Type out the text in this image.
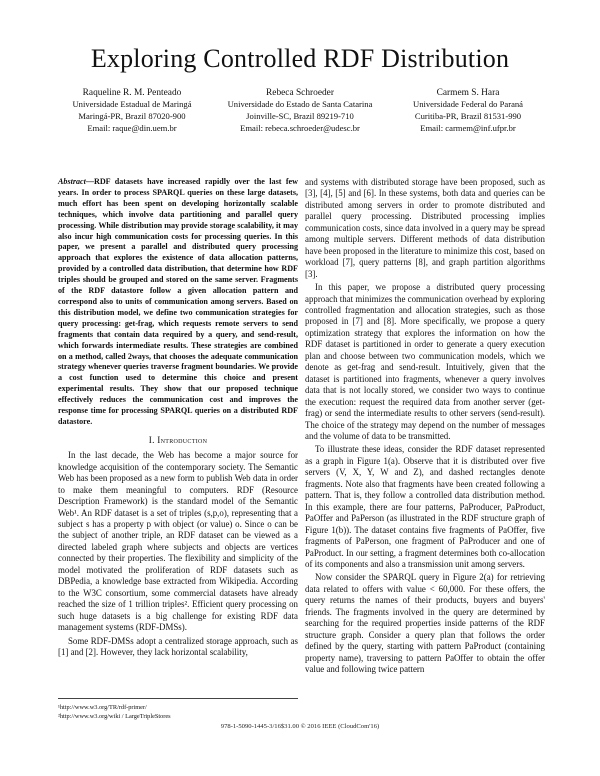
Exploring Controlled RDF Distribution
Raqueline R. M. Penteado
Universidade Estadual de Maringá
Maringá-PR, Brazil 87020-900
Email: raque@din.uem.br
Rebeca Schroeder
Universidade do Estado de Santa Catarina
Joinville-SC, Brazil 89219-710
Email: rebeca.schroeder@udesc.br
Carmem S. Hara
Universidade Federal do Paraná
Curitiba-PR, Brazil 81531-990
Email: carmem@inf.ufpr.br

Abstract—RDF datasets have increased rapidly over the last few years. In order to process SPARQL queries on these large datasets, much effort has been spent on developing horizontally scalable techniques, which involve data partitioning and parallel query processing. While distribution may provide storage scalability, it may also incur high communication costs for processing queries. In this paper, we present a parallel and distributed query processing approach that explores the existence of data allocation patterns, provided by a controlled data distribution, that determine how RDF triples should be grouped and stored on the same server. Fragments of the RDF datastore follow a given allocation pattern and correspond also to units of communication among servers. Based on this distribution model, we define two communication strategies for query processing: get-frag, which requests remote servers to send fragments that contain data required by a query, and send-result, which forwards intermediate results. These strategies are combined on a method, called 2ways, that chooses the adequate communication strategy whenever queries traverse fragment boundaries. We provide a cost function used to determine this choice and present experimental results. They show that our proposed technique effectively reduces the communication cost and improves the response time for processing SPARQL queries on a distributed RDF datastore.

I. Introduction

In the last decade, the Web has become a major source for knowledge acquisition of the contemporary society. The Semantic Web has been proposed as a new form to publish Web data in order to make them meaningful to computers. RDF (Resource Description Framework) is the standard model of the Semantic Web¹. An RDF dataset is a set of triples (s,p,o), representing that a subject s has a property p with object (or value) o. Since o can be the subject of another triple, an RDF dataset can be viewed as a directed labeled graph where subjects and objects are vertices connected by their properties. The flexibility and simplicity of the model motivated the proliferation of RDF datasets such as DBPedia, a knowledge base extracted from Wikipedia. According to the W3C consortium, some commercial datasets have already reached the size of 1 trillion triples². Efficient query processing on such huge datasets is a big challenge for existing RDF data management systems (RDF-DMSs).

Some RDF-DMSs adopt a centralized storage approach, such as [1] and [2]. However, they lack horizontal scalability,

and systems with distributed storage have been proposed, such as [3], [4], [5] and [6]. In these systems, both data and queries can be distributed among servers in order to promote distributed and parallel query processing. Distributed processing implies communication costs, since data involved in a query may be spread among multiple servers. Different methods of data distribution have been proposed in the literature to minimize this cost, based on workload [7], query patterns [8], and graph partition algorithms [3].

In this paper, we propose a distributed query processing approach that minimizes the communication overhead by exploring controlled fragmentation and allocation strategies, such as those proposed in [7] and [8]. More specifically, we propose a query optimization strategy that explores the information on how the RDF dataset is partitioned in order to generate a query execution plan and choose between two communication models, which we denote as get-frag and send-result. Intuitively, given that the dataset is partitioned into fragments, whenever a query involves data that is not locally stored, we consider two ways to continue the execution: request the required data from another server (get-frag) or send the intermediate results to other servers (send-result). The choice of the strategy may depend on the number of messages and the volume of data to be transmitted.

To illustrate these ideas, consider the RDF dataset represented as a graph in Figure 1(a). Observe that it is distributed over five servers (V, X, Y, W and Z), and dashed rectangles denote fragments. Note also that fragments have been created following a pattern. That is, they follow a controlled data distribution method. In this example, there are four patterns, PaProducer, PaProduct, PaOffer and PaPerson (as illustrated in the RDF structure graph of Figure 1(b)). The dataset contains five fragments of PaOffer, five fragments of PaPerson, one fragment of PaProducer and one of PaProduct. In our setting, a fragment determines both co-allocation of its components and also a transmission unit among servers.

Now consider the SPARQL query in Figure 2(a) for retrieving data related to offers with value < 60,000. For these offers, the query returns the names of their products, buyers and buyers' friends. The fragments involved in the query are determined by searching for the required properties inside patterns of the RDF structure graph. Consider a query plan that follows the order defined by the query, starting with pattern PaProduct (containing property name), traversing to pattern PaOffer to obtain the offer value and following twice pattern

¹http://www.w3.org/TR/rdf-primer/
²http://www.w3.org/wiki / LargeTripleStores
978-1-5090-1445-3/16$31.00 © 2016 IEEE (CloudCom'16)
